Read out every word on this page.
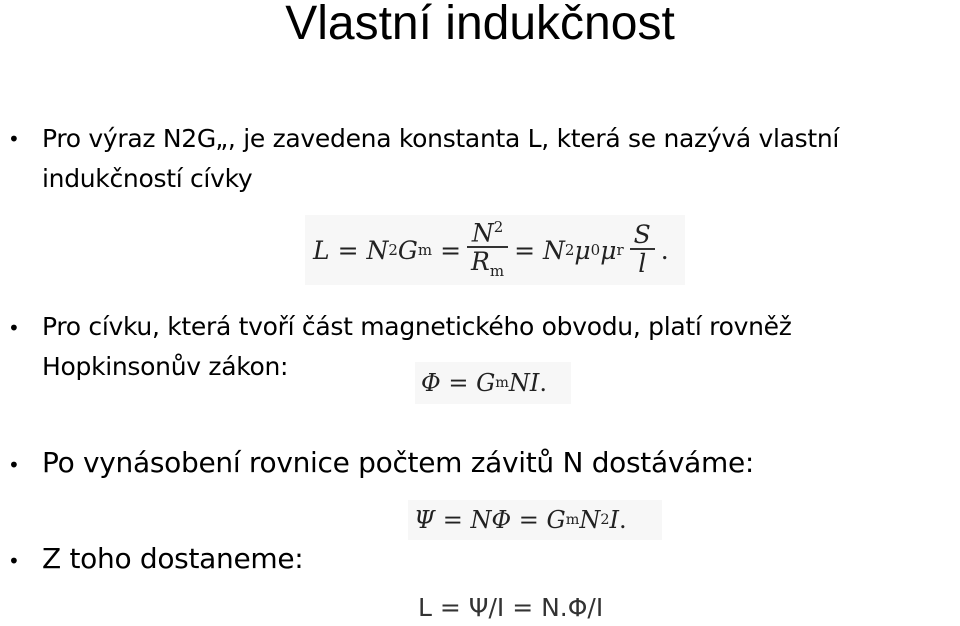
Vlastní indukčnost
• Pro výraz N2G„, je zavedena konstanta L, která se nazývá vlastní indukčností cívky
L
=
N 2 G m
= $\frac{N^2}{R_m}$ =
N 2 μ 0 μ r $\frac{S}{l}$ .
• Pro cívku, která tvoří část magnetického obvodu, platí rovněž Hopkinsonův zákon:
Φ
=
G m NI .
• Po vynásobení rovnice počtem závitů N dostáváme:
Ψ
=
NΦ
=
G m N 2 I .
• Z toho dostaneme:
L = Ψ/I = N.Φ/I
